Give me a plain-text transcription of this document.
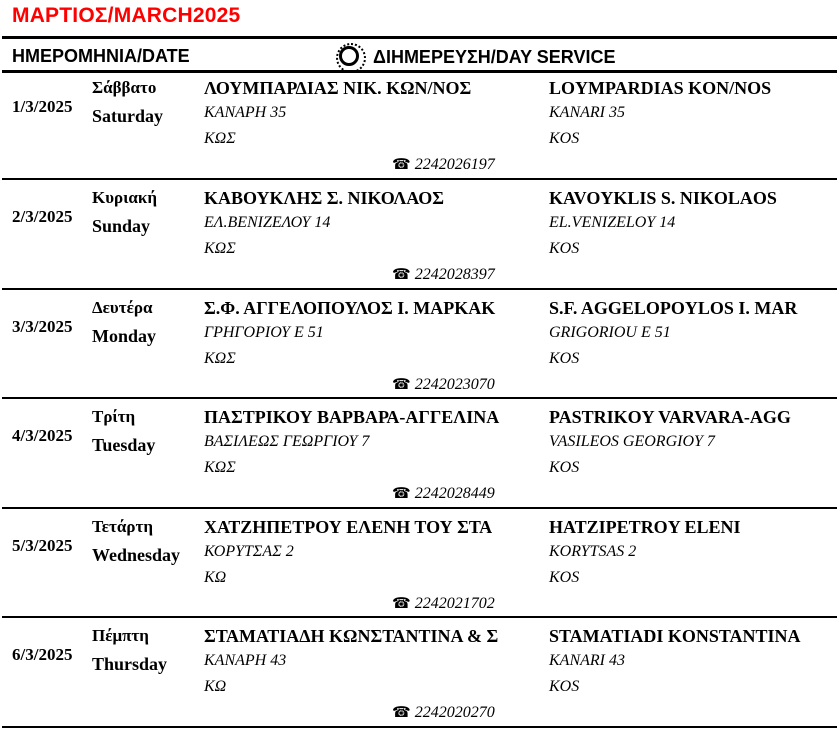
ΜΑΡΤΙΟΣ/MARCH2025
ΗΜΕΡΟΜΗΝΙΑ/DATE	ΔΙΗΜΕΡΕΥΣΗ/DAY SERVICE
1/3/2025
Σάββατο
Saturday
ΛΟΥΜΠΑΡΔΙΑΣ ΝΙΚ. ΚΩΝ/ΝΟΣ	LOYMPARDIAS KON/NOS
ΚΑΝΑΡΗ 35	KANARI 35
ΚΩΣ	KOS
☎ 2242026197
2/3/2025
Κυριακή
Sunday
ΚΑΒΟΥΚΛΗΣ Σ. ΝΙΚΟΛΑΟΣ	KAVOYKLIS S. NIKOLAOS
ΕΛ.ΒΕΝΙΖΕΛΟΥ 14	EL.VENIZELOY 14
ΚΩΣ	KOS
☎ 2242028397
3/3/2025
Δευτέρα
Monday
Σ.Φ. ΑΓΓΕΛΟΠΟΥΛΟΣ Ι. ΜΑΡΚΑΚ	S.F. AGGELOPOYLOS I. MAR
ΓΡΗΓΟΡΙΟΥ Ε 51	GRIGORIOU E 51
ΚΩΣ	KOS
☎ 2242023070
4/3/2025
Τρίτη
Tuesday
ΠΑΣΤΡΙΚΟΥ ΒΑΡΒΑΡΑ-ΑΓΓΕΛΙΝΑ	PASTRIKOY VARVARA-AGG
ΒΑΣΙΛΕΩΣ ΓΕΩΡΓΙΟΥ 7	VASILEOS GEORGIOY 7
ΚΩΣ	KOS
☎ 2242028449
5/3/2025
Τετάρτη
Wednesday
ΧΑΤΖΗΠΕΤΡΟΥ ΕΛΕΝΗ ΤΟΥ ΣΤΑ	HATZIPETROY ELENI
ΚΟΡΥΤΣΑΣ 2	KORYTSAS 2
ΚΩ	KOS
☎ 2242021702
6/3/2025
Πέμπτη
Thursday
ΣΤΑΜΑΤΙΑΔΗ ΚΩΝΣΤΑΝΤΙΝΑ & Σ	STAMATIADI KONSTANTINA
ΚΑΝΑΡΗ 43	KANARI 43
ΚΩ	KOS
☎ 2242020270
